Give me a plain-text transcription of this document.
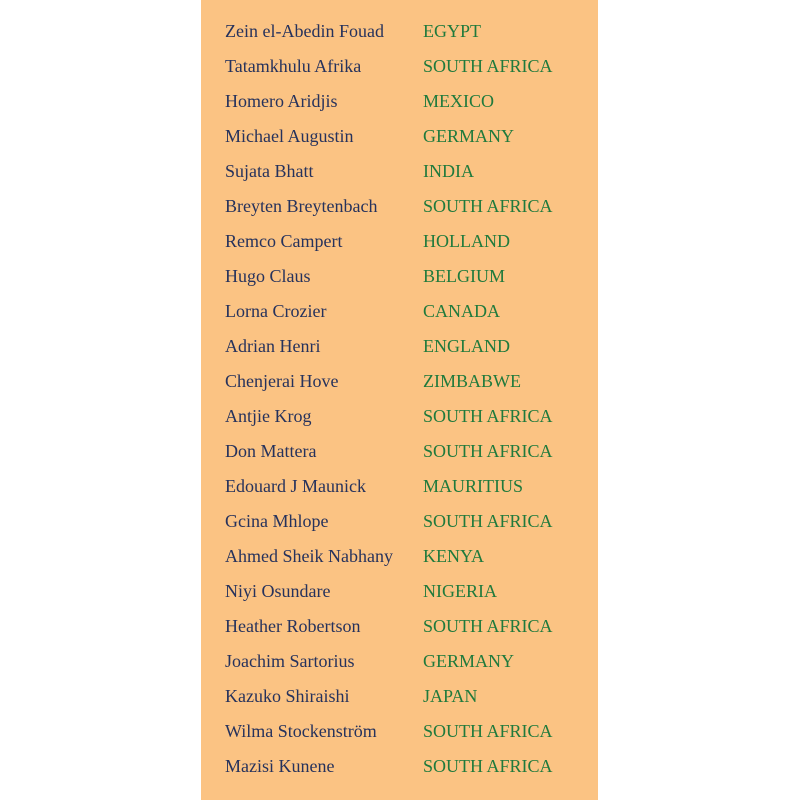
Zein el-Abedin Fouad EGYPT
Tatamkhulu Afrika	SOUTH AFRICA
Homero Aridjis	MEXICO
Michael Augustin	GERMANY
Sujata Bhatt	INDIA
Breyten Breytenbach	SOUTH AFRICA
Remco Campert	HOLLAND
Hugo Claus	BELGIUM
Lorna Crozier	CANADA
Adrian Henri	ENGLAND
Chenjerai Hove	ZIMBABWE
Antjie Krog	SOUTH AFRICA
Don Mattera	SOUTH AFRICA
Edouard J Maunick	MAURITIUS
Gcina Mhlope	SOUTH AFRICA
Ahmed Sheik Nabhany KENYA
Niyi Osundare	NIGERIA
Heather Robertson	SOUTH AFRICA
Joachim Sartorius	GERMANY
Kazuko Shiraishi	JAPAN
Wilma Stockenström	SOUTH AFRICA
Mazisi Kunene	SOUTH AFRICA
